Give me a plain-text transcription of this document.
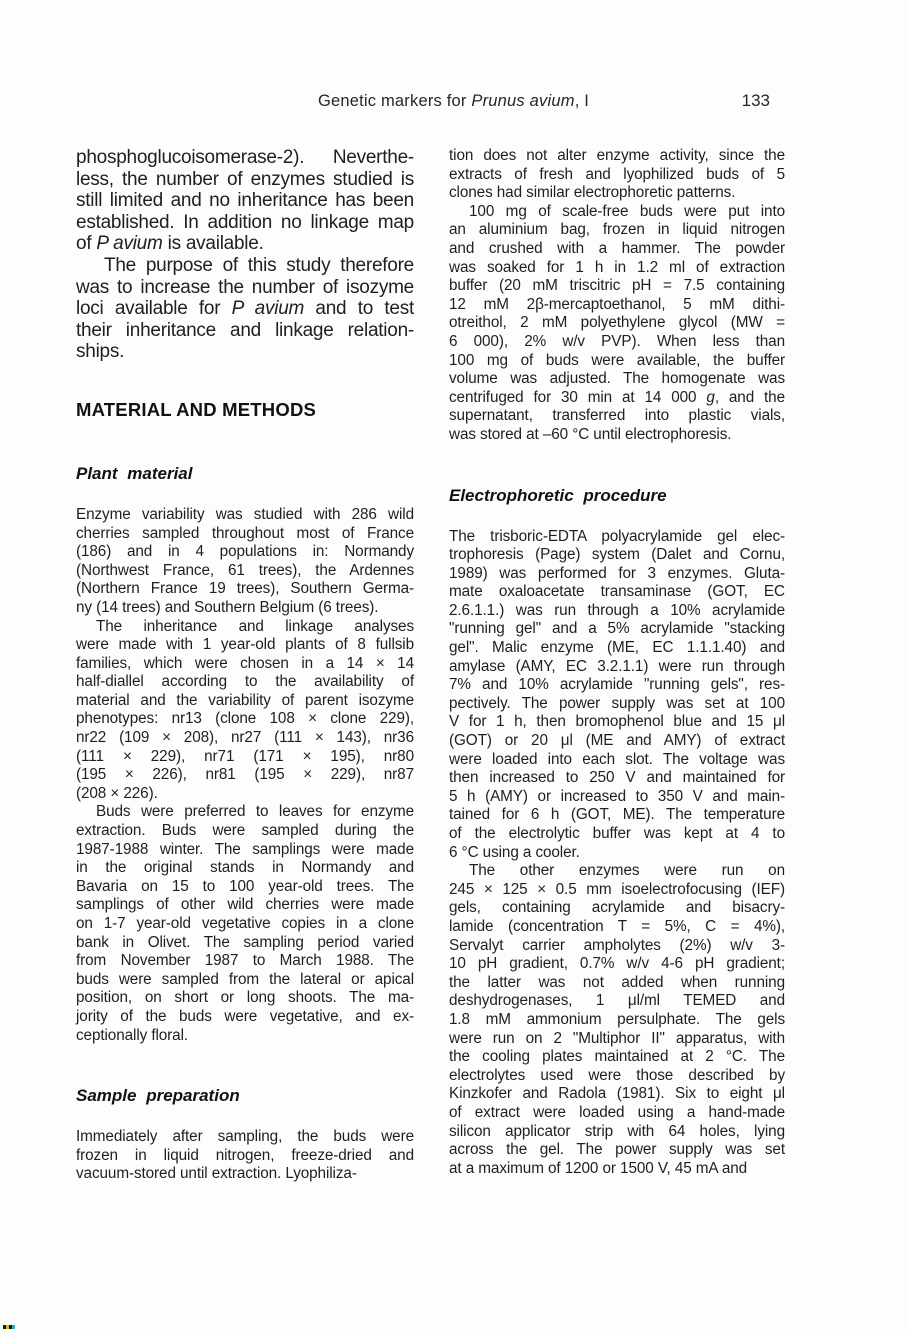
Genetic markers for Prunus avium, I	133
phosphoglucoisomerase-2). Neverthe-
less, the number of enzymes studied is
still limited and no inheritance has been
established. In addition no linkage map
of P avium is available.
The purpose of this study therefore
was to increase the number of isozyme
loci available for P avium and to test
their inheritance and linkage relation-
ships.
MATERIAL AND METHODS
Plant material
Enzyme variability was studied with 286 wild
cherries sampled throughout most of France
(186) and in 4 populations in: Normandy
(Northwest France, 61 trees), the Ardennes
(Northern France 19 trees), Southern Germa-
ny (14 trees) and Southern Belgium (6 trees).
The inheritance and linkage analyses
were made with 1 year-old plants of 8 fullsib
families, which were chosen in a 14 × 14
half-diallel according to the availability of
material and the variability of parent isozyme
phenotypes: nr13 (clone 108 × clone 229),
nr22 (109 × 208), nr27 (111 × 143), nr36
(111 × 229), nr71 (171 × 195), nr80
(195 × 226), nr81 (195 × 229), nr87
(208 × 226).
Buds were preferred to leaves for enzyme
extraction. Buds were sampled during the
1987-1988 winter. The samplings were made
in the original stands in Normandy and
Bavaria on 15 to 100 year-old trees. The
samplings of other wild cherries were made
on 1-7 year-old vegetative copies in a clone
bank in Olivet. The sampling period varied
from November 1987 to March 1988. The
buds were sampled from the lateral or apical
position, on short or long shoots. The ma-
jority of the buds were vegetative, and ex-
ceptionally floral.
Sample preparation
Immediately after sampling, the buds were
frozen in liquid nitrogen, freeze-dried and
vacuum-stored until extraction. Lyophiliza-
tion does not alter enzyme activity, since the
extracts of fresh and lyophilized buds of 5
clones had similar electrophoretic patterns.
100 mg of scale-free buds were put into
an aluminium bag, frozen in liquid nitrogen
and crushed with a hammer. The powder
was soaked for 1 h in 1.2 ml of extraction
buffer (20 mM triscitric pH = 7.5 containing
12 mM 2β-mercaptoethanol, 5 mM dithi-
otreithol, 2 mM polyethylene glycol (MW =
6 000), 2% w/v PVP). When less than
100 mg of buds were available, the buffer
volume was adjusted. The homogenate was
centrifuged for 30 min at 14 000 g, and the
supernatant, transferred into plastic vials,
was stored at –60 °C until electrophoresis.
Electrophoretic procedure
The trisboric-EDTA polyacrylamide gel elec-
trophoresis (Page) system (Dalet and Cornu,
1989) was performed for 3 enzymes. Gluta-
mate oxaloacetate transaminase (GOT, EC
2.6.1.1.) was run through a 10% acrylamide
"running gel" and a 5% acrylamide "stacking
gel". Malic enzyme (ME, EC 1.1.1.40) and
amylase (AMY, EC 3.2.1.1) were run through
7% and 10% acrylamide "running gels", res-
pectively. The power supply was set at 100
V for 1 h, then bromophenol blue and 15 μl
(GOT) or 20 μl (ME and AMY) of extract
were loaded into each slot. The voltage was
then increased to 250 V and maintained for
5 h (AMY) or increased to 350 V and main-
tained for 6 h (GOT, ME). The temperature
of the electrolytic buffer was kept at 4 to
6 °C using a cooler.
The other enzymes were run on
245 × 125 × 0.5 mm isoelectrofocusing (IEF)
gels, containing acrylamide and bisacry-
lamide (concentration T = 5%, C = 4%),
Servalyt carrier ampholytes (2%) w/v 3-
10 pH gradient, 0.7% w/v 4-6 pH gradient;
the latter was not added when running
deshydrogenases, 1 μl/ml TEMED and
1.8 mM ammonium persulphate. The gels
were run on 2 "Multiphor II" apparatus, with
the cooling plates maintained at 2 °C. The
electrolytes used were those described by
Kinzkofer and Radola (1981). Six to eight μl
of extract were loaded using a hand-made
silicon applicator strip with 64 holes, lying
across the gel. The power supply was set
at a maximum of 1200 or 1500 V, 45 mA and
